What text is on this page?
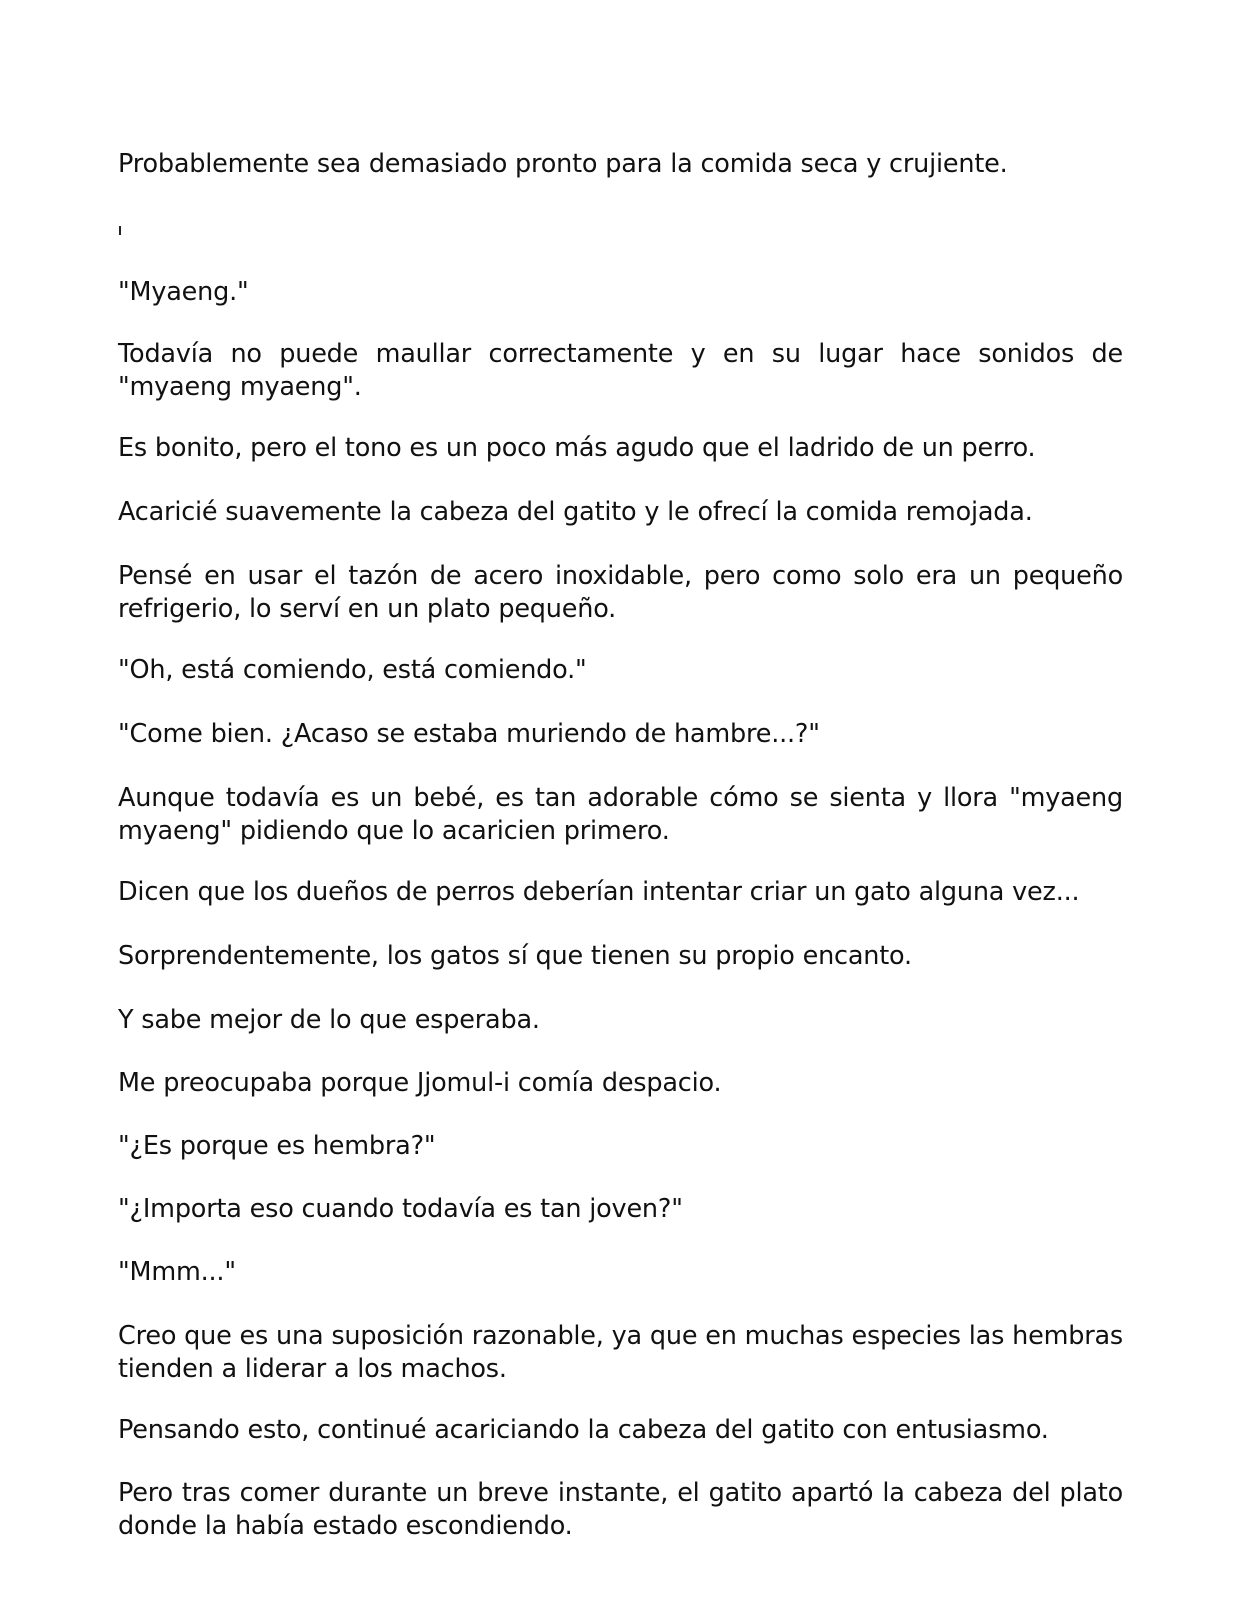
Probablemente sea demasiado pronto para la comida seca y crujiente.

"Myaeng."

Todavía no puede maullar correctamente y en su lugar hace sonidos de "myaeng myaeng".

Es bonito, pero el tono es un poco más agudo que el ladrido de un perro.

Acaricié suavemente la cabeza del gatito y le ofrecí la comida remojada.

Pensé en usar el tazón de acero inoxidable, pero como solo era un pequeño refrigerio, lo serví en un plato pequeño.

"Oh, está comiendo, está comiendo."

"Come bien. ¿Acaso se estaba muriendo de hambre...?"

Aunque todavía es un bebé, es tan adorable cómo se sienta y llora "myaeng myaeng" pidiendo que lo acaricien primero.

Dicen que los dueños de perros deberían intentar criar un gato alguna vez...

Sorprendentemente, los gatos sí que tienen su propio encanto.

Y sabe mejor de lo que esperaba.

Me preocupaba porque Jjomul-i comía despacio.

"¿Es porque es hembra?"

"¿Importa eso cuando todavía es tan joven?"

"Mmm..."

Creo que es una suposición razonable, ya que en muchas especies las hembras tienden a liderar a los machos.

Pensando esto, continué acariciando la cabeza del gatito con entusiasmo.

Pero tras comer durante un breve instante, el gatito apartó la cabeza del plato donde la había estado escondiendo.
